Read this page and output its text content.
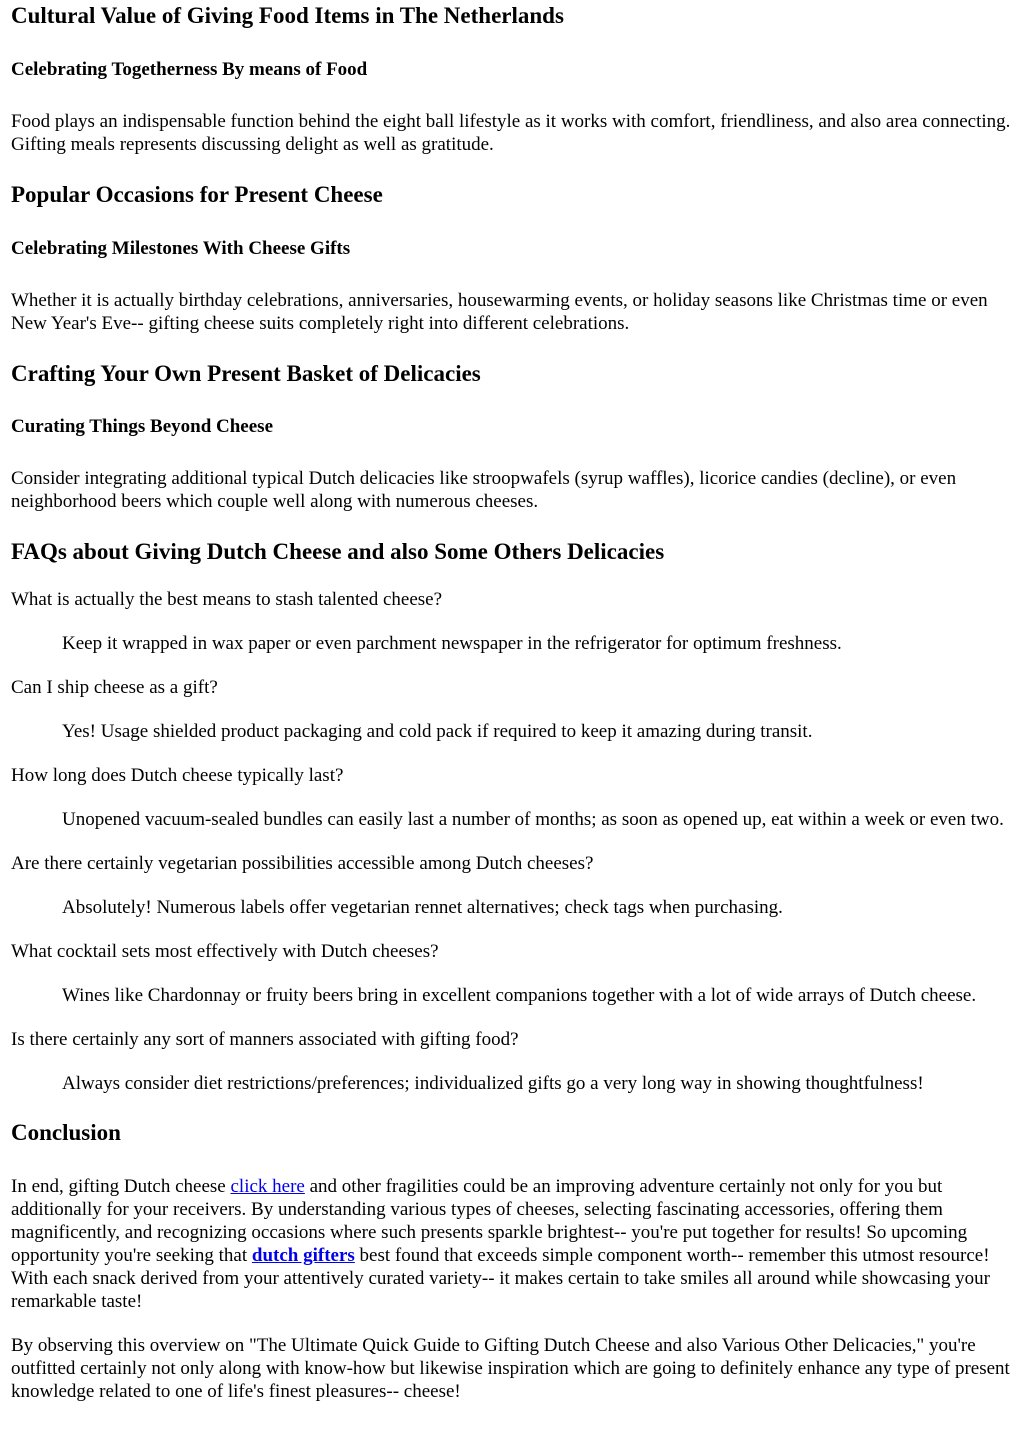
Cultural Value of Giving Food Items in The Netherlands
Celebrating Togetherness By means of Food

Food plays an indispensable function behind the eight ball lifestyle as it works with comfort, friendliness, and also area connecting. Gifting meals represents discussing delight as well as gratitude.

Popular Occasions for Present Cheese
Celebrating Milestones With Cheese Gifts

Whether it is actually birthday celebrations, anniversaries, housewarming events, or holiday seasons like Christmas time or even New Year's Eve-- gifting cheese suits completely right into different celebrations.

Crafting Your Own Present Basket of Delicacies
Curating Things Beyond Cheese

Consider integrating additional typical Dutch delicacies like stroopwafels (syrup waffles), licorice candies (decline), or even neighborhood beers which couple well along with numerous cheeses.

FAQs about Giving Dutch Cheese and also Some Others Delicacies
What is actually the best means to stash talented cheese?
Keep it wrapped in wax paper or even parchment newspaper in the refrigerator for optimum freshness.
Can I ship cheese as a gift?
Yes! Usage shielded product packaging and cold pack if required to keep it amazing during transit.
How long does Dutch cheese typically last?
Unopened vacuum-sealed bundles can easily last a number of months; as soon as opened up, eat within a week or even two.
Are there certainly vegetarian possibilities accessible among Dutch cheeses?
Absolutely! Numerous labels offer vegetarian rennet alternatives; check tags when purchasing.
What cocktail sets most effectively with Dutch cheeses?
Wines like Chardonnay or fruity beers bring in excellent companions together with a lot of wide arrays of Dutch cheese.
Is there certainly any sort of manners associated with gifting food?
Always consider diet restrictions/preferences; individualized gifts go a very long way in showing thoughtfulness!
Conclusion

In end, gifting Dutch cheese click here and other fragilities could be an improving adventure certainly not only for you but additionally for your receivers. By understanding various types of cheeses, selecting fascinating accessories, offering them magnificently, and recognizing occasions where such presents sparkle brightest-- you're put together for results! So upcoming opportunity you're seeking that dutch gifters best found that exceeds simple component worth-- remember this utmost resource! With each snack derived from your attentively curated variety-- it makes certain to take smiles all around while showcasing your remarkable taste!

By observing this overview on "The Ultimate Quick Guide to Gifting Dutch Cheese and also Various Other Delicacies," you're outfitted certainly not only along with know-how but likewise inspiration which are going to definitely enhance any type of present knowledge related to one of life's finest pleasures-- cheese!
